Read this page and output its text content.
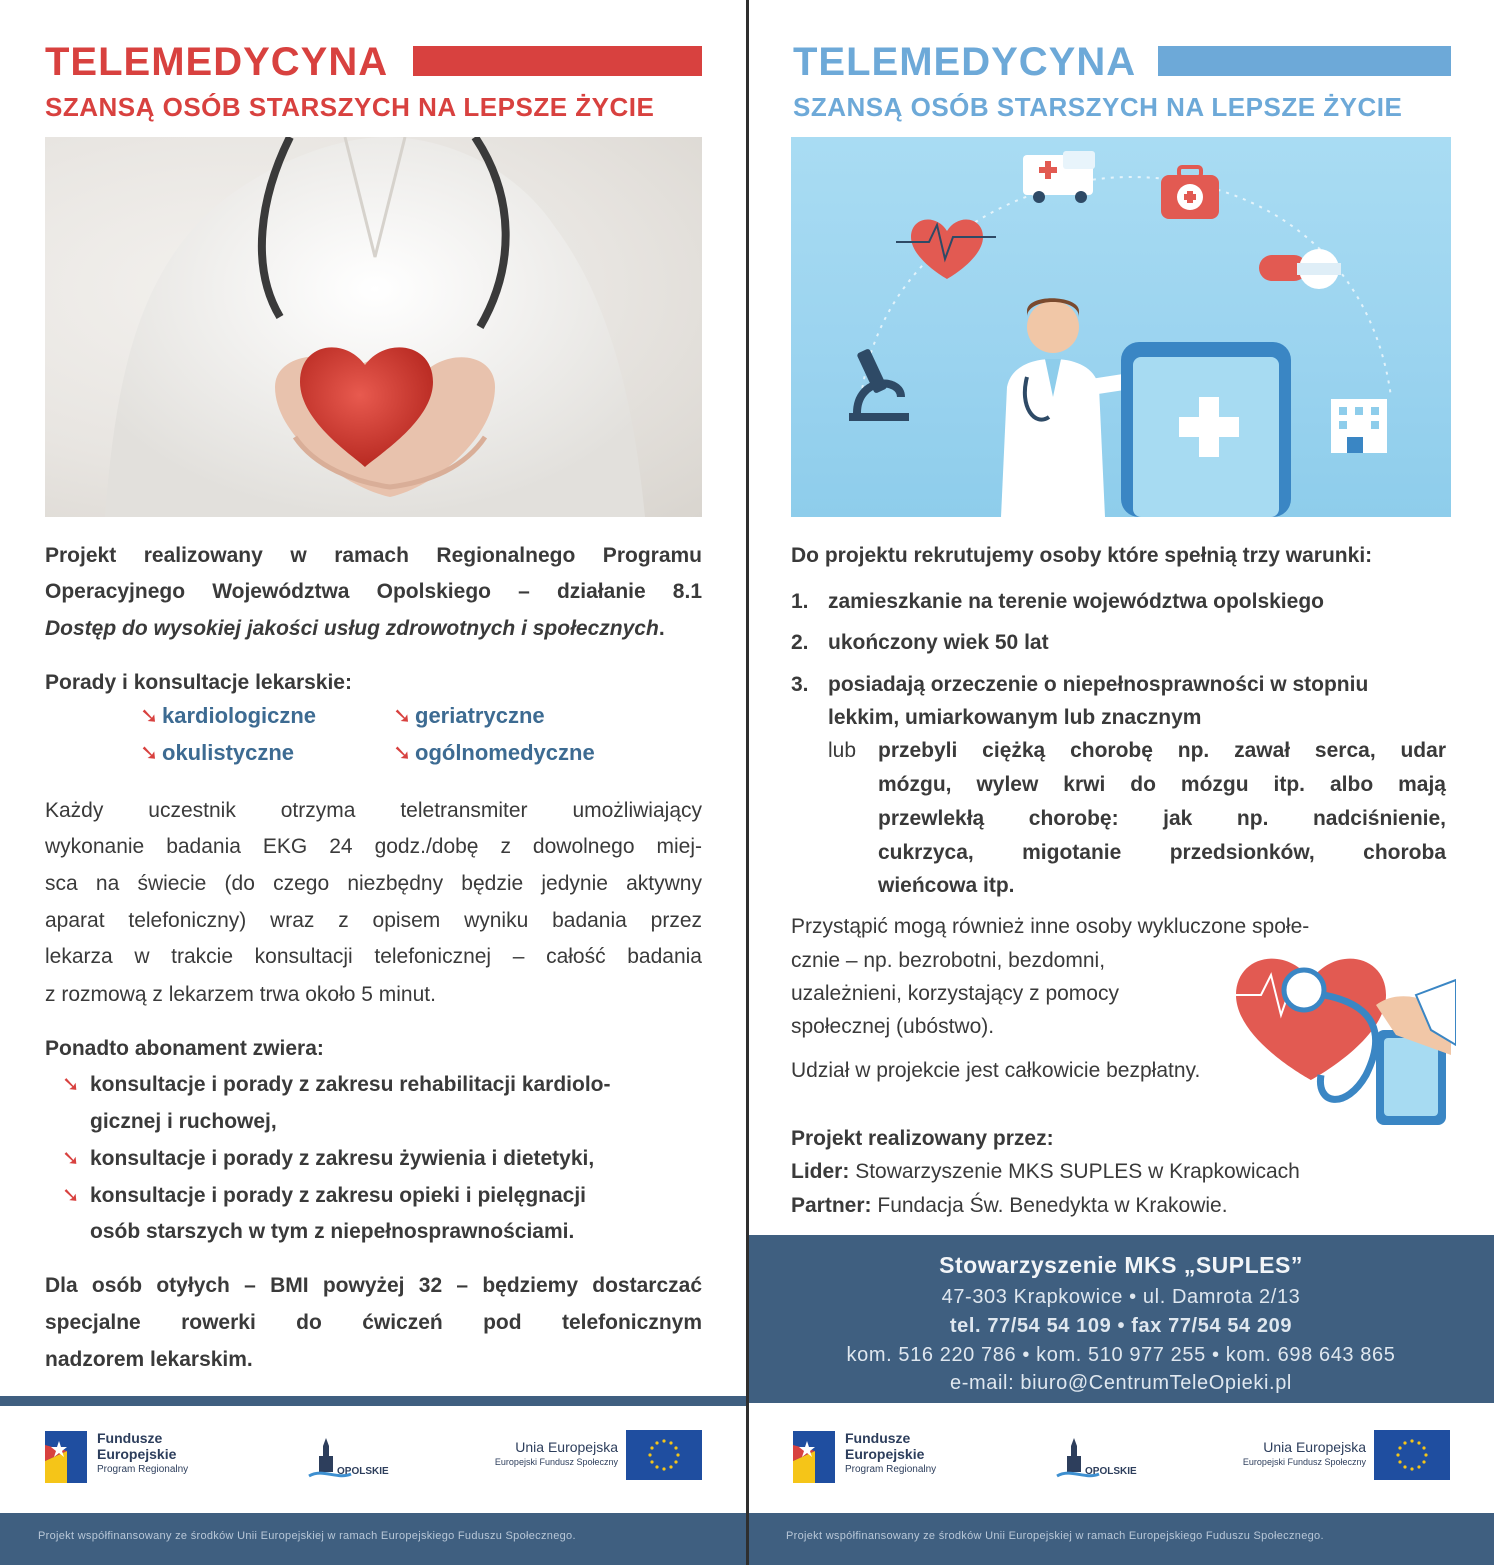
TELEMEDYCYNA
SZANSĄ OSÓB STARSZYCH NA LEPSZE ŻYCIE
Projekt realizowany w ramach Regionalnego Programu
Operacyjnego Województwa Opolskiego – działanie 8.1
Dostęp do wysokiej jakości usług zdrowotnych i społecznych.
Porady i konsultacje lekarskie:
➘ kardiologiczne	➘ geriatryczne
➘ okulistyczne	➘ ogólnomedyczne
Każdy uczestnik otrzyma teletransmiter umożliwiający
wykonanie badania EKG 24 godz./dobę z dowolnego miej-
sca na świecie (do czego niezbędny będzie jedynie aktywny
aparat telefoniczny) wraz z opisem wyniku badania przez
lekarza w trakcie konsultacji telefonicznej – całość badania
z rozmową z lekarzem trwa około 5 minut.
Ponadto abonament zwiera:
➘ konsultacje i porady z zakresu rehabilitacji kardiolo-
gicznej i ruchowej,
➘ konsultacje i porady z zakresu żywienia i dietetyki,
➘ konsultacje i porady z zakresu opieki i pielęgnacji
osób starszych w tym z niepełnosprawnościami.
Dla osób otyłych – BMI powyżej 32 – będziemy dostarczać
specjalne rowerki do ćwiczeń pod telefonicznym
nadzorem lekarskim.
Fundusze
Europejskie
Program Regionalny	OPOLSKIE
Unia Europejska
Europejski Fundusz Społeczny
Projekt współfinansowany ze środków Unii Europejskiej w ramach Europejskiego Fuduszu Społecznego.
TELEMEDYCYNA
SZANSĄ OSÓB STARSZYCH NA LEPSZE ŻYCIE
Do projektu rekrutujemy osoby które spełnią trzy warunki:
1. zamieszkanie na terenie województwa opolskiego
2. ukończony wiek 50 lat
3. posiadają orzeczenie o niepełnosprawności w stopniu
lekkim, umiarkowanym lub znacznym
lub przebyli ciężką chorobę np. zawał serca, udar
mózgu, wylew krwi do mózgu itp. albo mają
przewlekłą chorobę: jak np. nadciśnienie,
cukrzyca, migotanie przedsionków, choroba
wieńcowa itp.
Przystąpić mogą również inne osoby wykluczone społe-
cznie – np. bezrobotni, bezdomni,
uzależnieni, korzystający z pomocy
społecznej (ubóstwo).
Udział w projekcie jest całkowicie bezpłatny.
Projekt realizowany przez:
Lider: Stowarzyszenie MKS SUPLES w Krapkowicach
Partner: Fundacja Św. Benedykta w Krakowie.
Stowarzyszenie MKS „SUPLES”
47-303 Krapkowice • ul. Damrota 2/13
tel. 77/54 54 109 • fax 77/54 54 209
kom. 516 220 786 • kom. 510 977 255 • kom. 698 643 865
e-mail: biuro@CentrumTeleOpieki.pl
Fundusze
Europejskie
Program Regionalny	OPOLSKIE
Unia Europejska
Europejski Fundusz Społeczny
Projekt współfinansowany ze środków Unii Europejskiej w ramach Europejskiego Fuduszu Społecznego.
